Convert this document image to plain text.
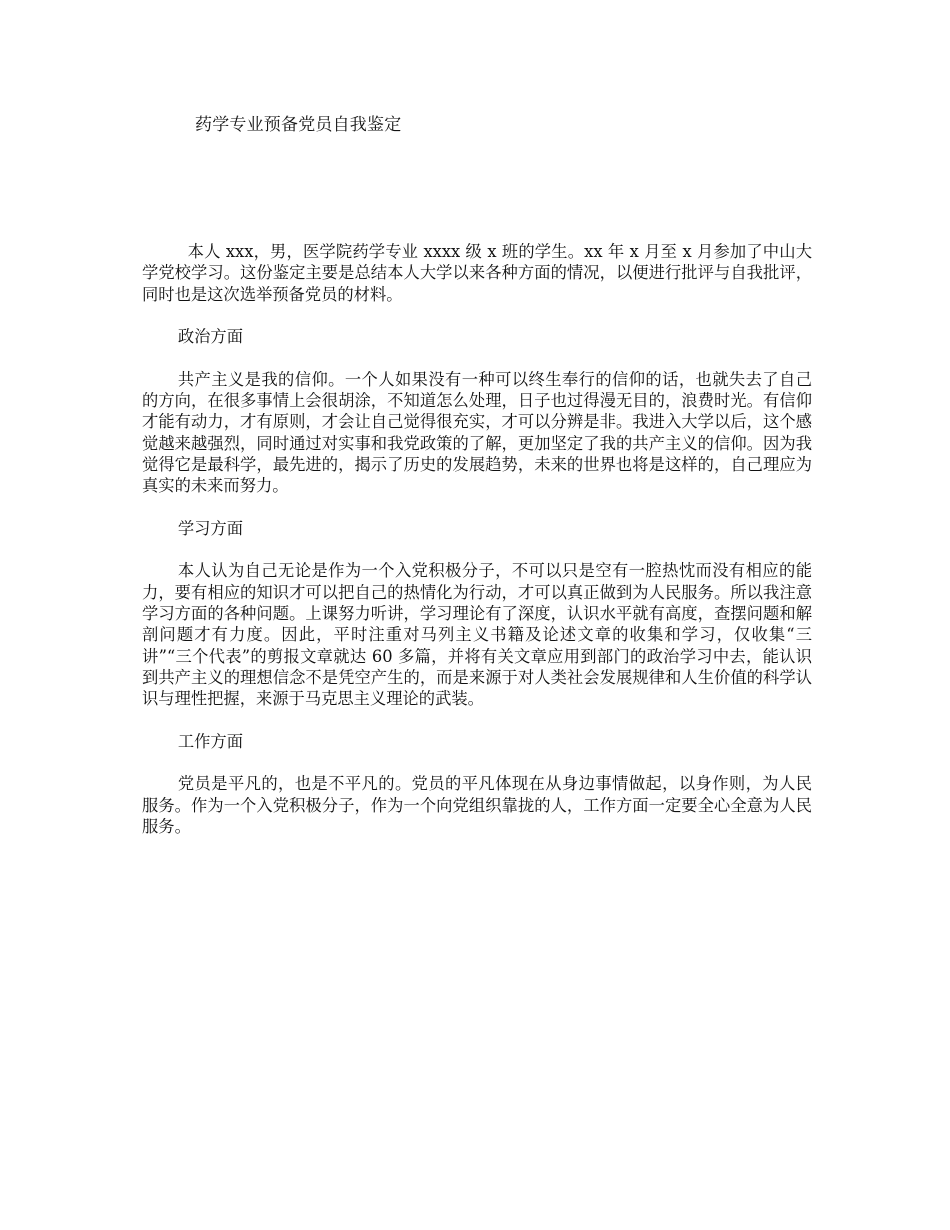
药学专业预备党员自我鉴定

本人 xxx，男，医学院药学专业 xxxx 级 x 班的学生。xx 年 x 月至 x 月参加了中山大学党校学习。这份鉴定主要是总结本人大学以来各种方面的情况，以便进行批评与自我批评，同时也是这次选举预备党员的材料。

政治方面

共产主义是我的信仰。一个人如果没有一种可以终生奉行的信仰的话，也就失去了自己的方向，在很多事情上会很胡涂，不知道怎么处理，日子也过得漫无目的，浪费时光。有信仰才能有动力，才有原则，才会让自己觉得很充实，才可以分辨是非。我进入大学以后，这个感觉越来越强烈，同时通过对实事和我党政策的了解，更加坚定了我的共产主义的信仰。因为我觉得它是最科学，最先进的，揭示了历史的发展趋势，未来的世界也将是这样的，自己理应为真实的未来而努力。

学习方面

本人认为自己无论是作为一个入党积极分子，不可以只是空有一腔热忱而没有相应的能力，要有相应的知识才可以把自己的热情化为行动，才可以真正做到为人民服务。所以我注意学习方面的各种问题。上课努力听讲，学习理论有了深度，认识水平就有高度，查摆问题和解剖问题才有力度。因此，平时注重对马列主义书籍及论述文章的收集和学习，仅收集“三讲”“三个代表”的剪报文章就达 60 多篇，并将有关文章应用到部门的政治学习中去，能认识到共产主义的理想信念不是凭空产生的，而是来源于对人类社会发展规律和人生价值的科学认识与理性把握，来源于马克思主义理论的武装。

工作方面

党员是平凡的，也是不平凡的。党员的平凡体现在从身边事情做起，以身作则，为人民服务。作为一个入党积极分子，作为一个向党组织靠拢的人，工作方面一定要全心全意为人民服务。
